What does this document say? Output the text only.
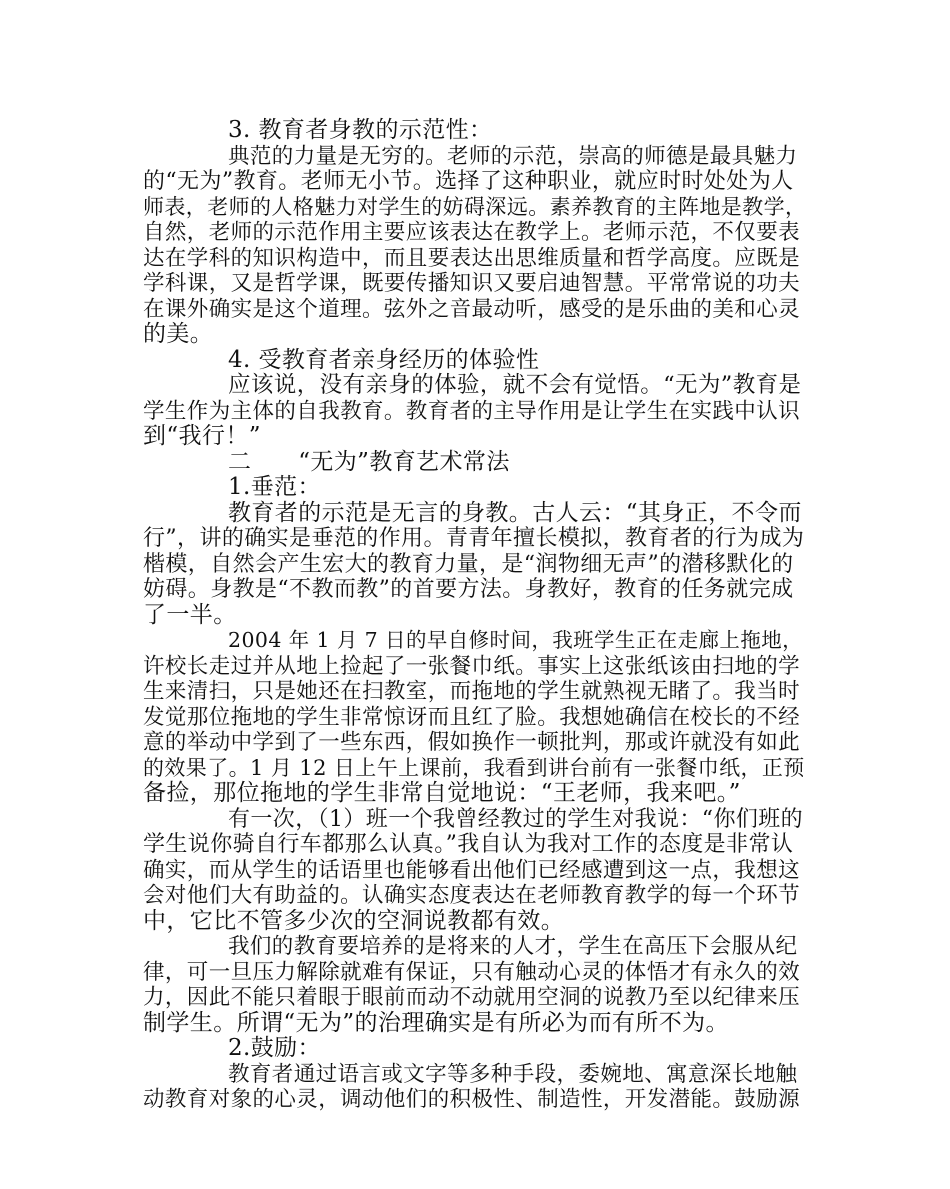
3. 教育者身教的示范性：
典范的力量是无穷的。老师的示范，崇高的师德是最具魅力
的“无为”教育。老师无小节。选择了这种职业，就应时时处处为人
师表，老师的人格魅力对学生的妨碍深远。素养教育的主阵地是教学，
自然，老师的示范作用主要应该表达在教学上。老师示范，不仅要表
达在学科的知识构造中，而且要表达出思维质量和哲学高度。应既是
学科课，又是哲学课，既要传播知识又要启迪智慧。平常常说的功夫
在课外确实是这个道理。弦外之音最动听，感受的是乐曲的美和心灵
的美。
4. 受教育者亲身经历的体验性
应该说，没有亲身的体验，就不会有觉悟。“无为”教育是
学生作为主体的自我教育。教育者的主导作用是让学生在实践中认识
到“我行！”
二　　“无为”教育艺术常法
1.垂范：
教育者的示范是无言的身教。古人云：“其身正，不令而
行”，讲的确实是垂范的作用。青青年擅长模拟，教育者的行为成为
楷模，自然会产生宏大的教育力量，是“润物细无声”的潜移默化的
妨碍。身教是“不教而教”的首要方法。身教好，教育的任务就完成
了一半。
2004 年 1 月 7 日的早自修时间，我班学生正在走廊上拖地，
许校长走过并从地上捡起了一张餐巾纸。事实上这张纸该由扫地的学
生来清扫，只是她还在扫教室，而拖地的学生就熟视无睹了。我当时
发觉那位拖地的学生非常惊讶而且红了脸。我想她确信在校长的不经
意的举动中学到了一些东西，假如换作一顿批判，那或许就没有如此
的效果了。1 月 12 日上午上课前，我看到讲台前有一张餐巾纸，正预
备捡，那位拖地的学生非常自觉地说：“王老师，我来吧。”
有一次，（1）班一个我曾经教过的学生对我说：“你们班的
学生说你骑自行车都那么认真。”我自认为我对工作的态度是非常认
确实，而从学生的话语里也能够看出他们已经感遭到这一点，我想这
会对他们大有助益的。认确实态度表达在老师教育教学的每一个环节
中，它比不管多少次的空洞说教都有效。
我们的教育要培养的是将来的人才，学生在高压下会服从纪
律，可一旦压力解除就难有保证，只有触动心灵的体悟才有永久的效
力，因此不能只着眼于眼前而动不动就用空洞的说教乃至以纪律来压
制学生。所谓“无为”的治理确实是有所必为而有所不为。
2.鼓励：
教育者通过语言或文字等多种手段，委婉地、寓意深长地触
动教育对象的心灵，调动他们的积极性、制造性，开发潜能。鼓励源
